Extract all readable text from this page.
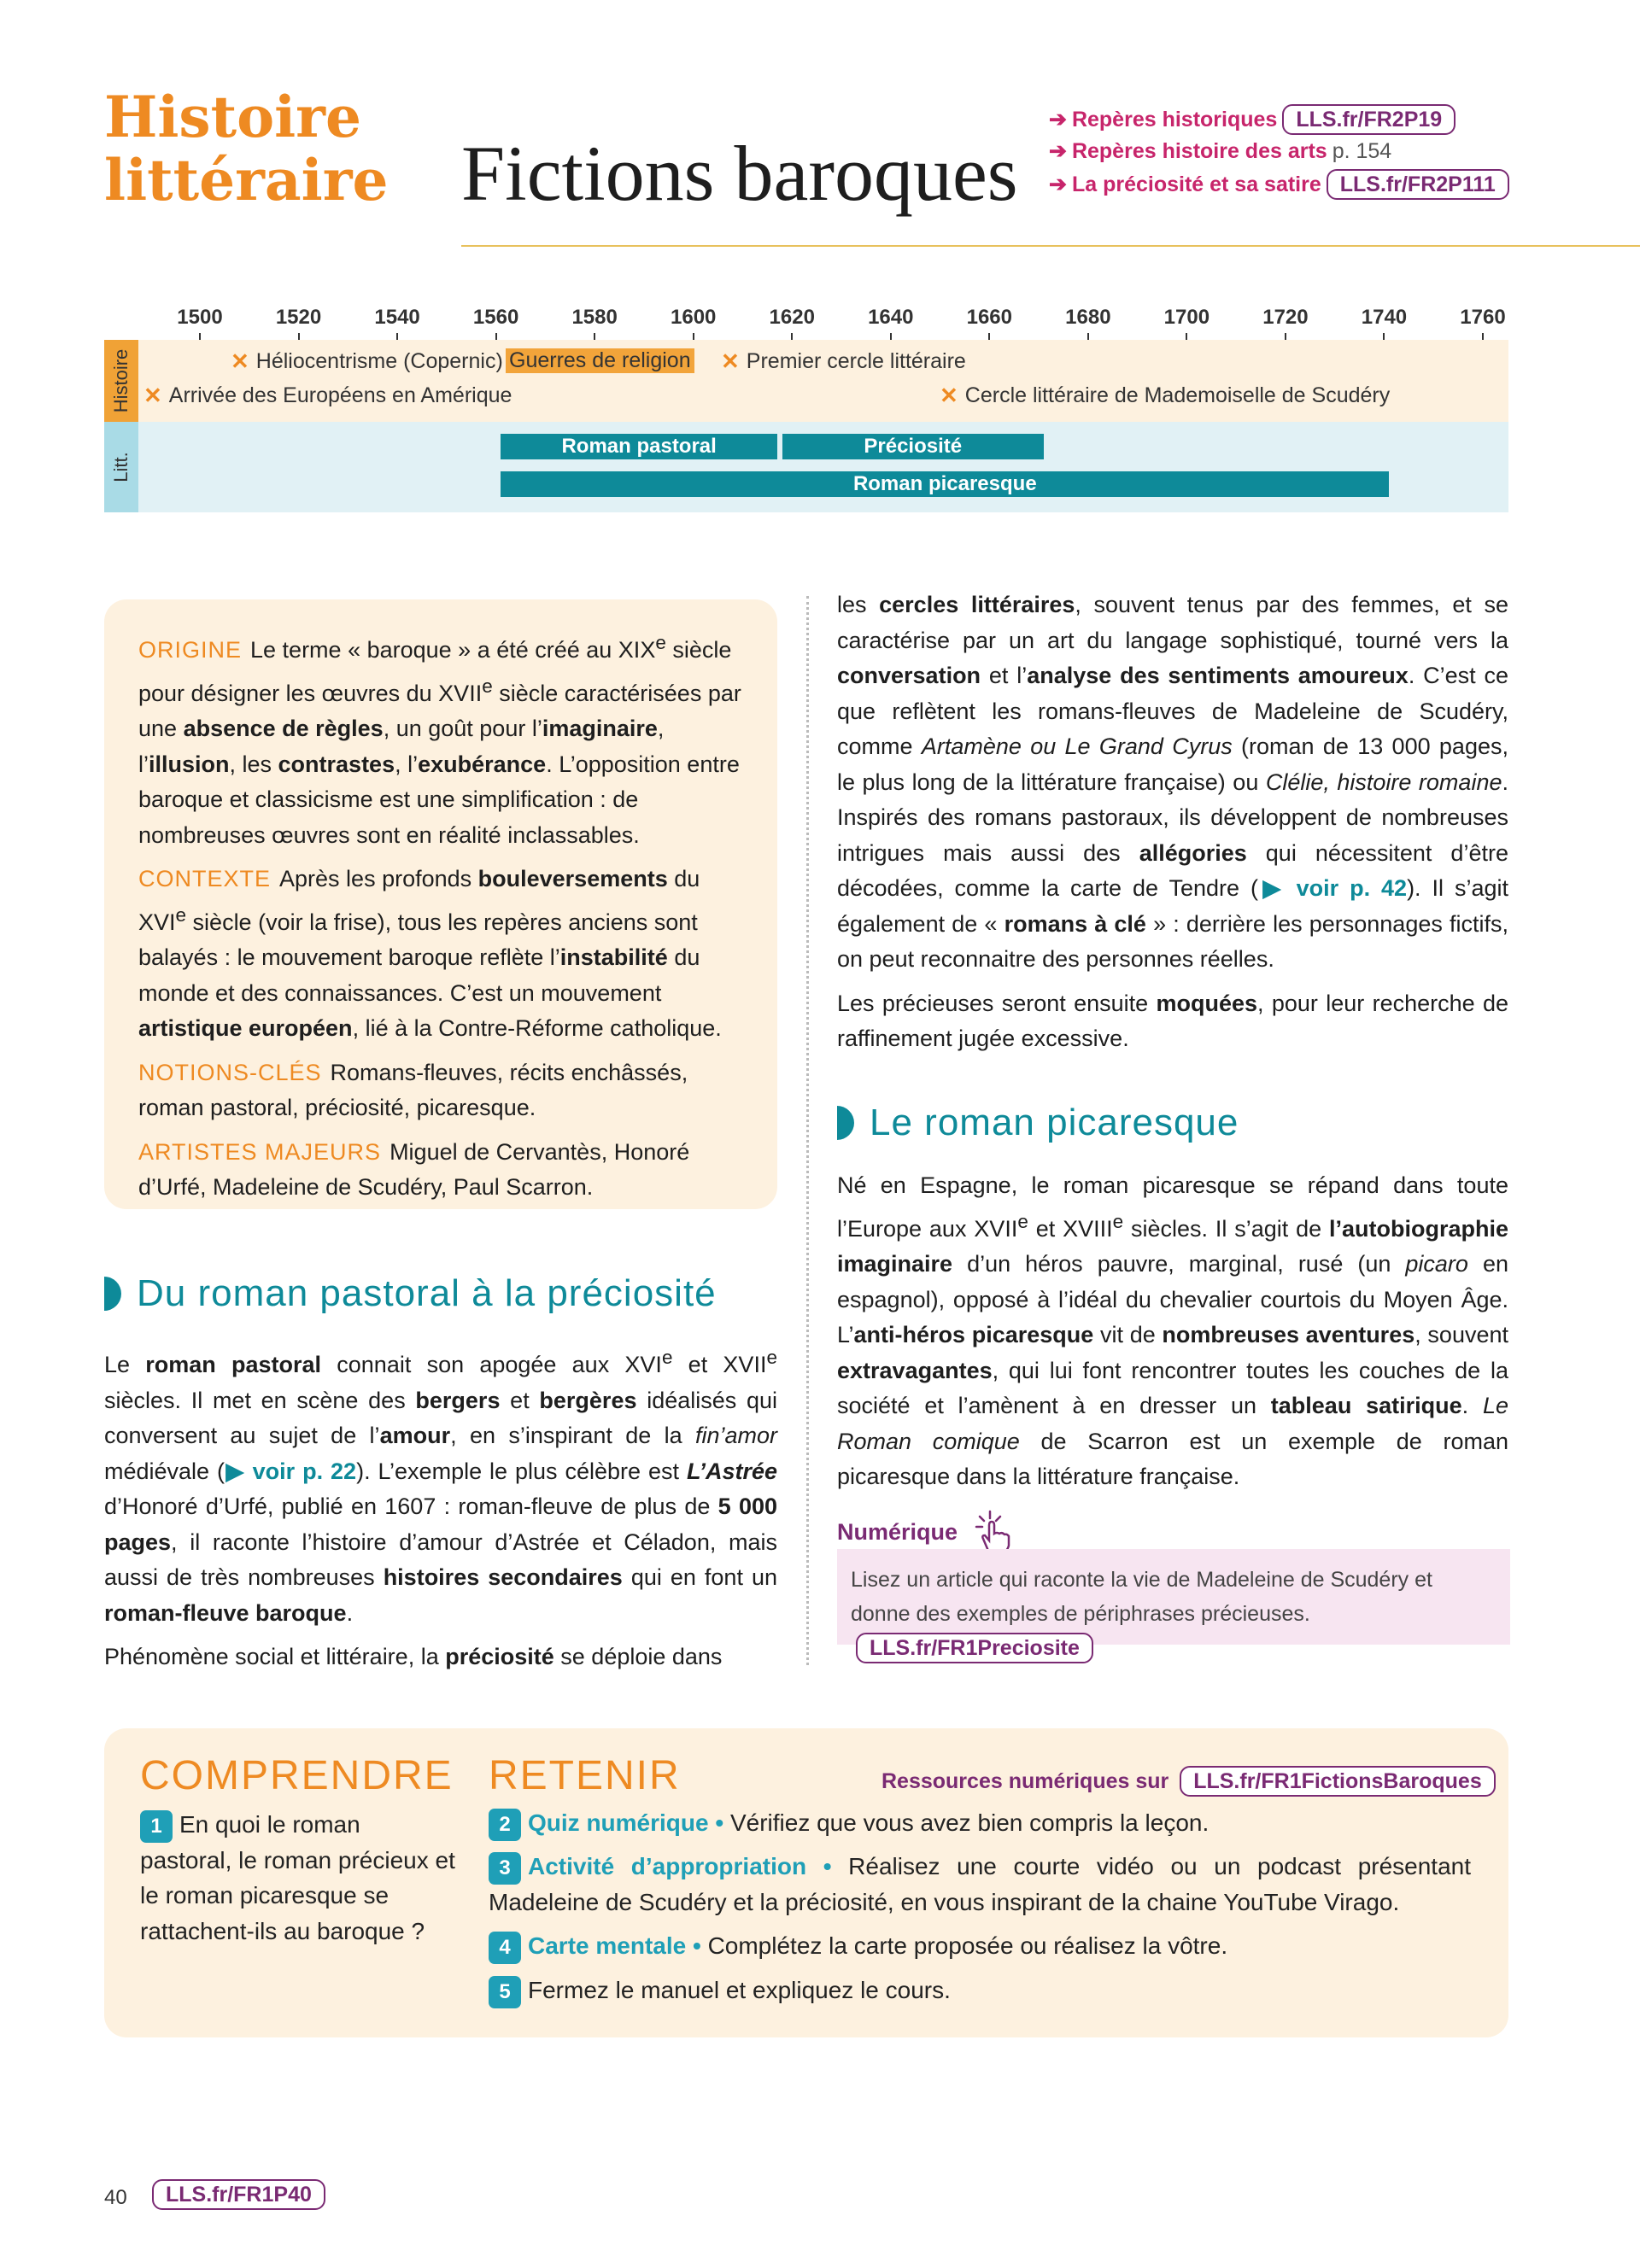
Histoire
littéraire Fictions baroques
➔ Repères historiques LLS.fr/FR2P19
➔ Repères histoire des arts p. 154
➔ La préciosité et sa satire LLS.fr/FR2P111
1500	1520	1540	1560	1580	1600	1620	1640	1660	1680	1700	1720	1740	1760
Histoire	✕ Héliocentrisme (Copernic) Guerres de religion ✕ Premier cercle littéraire
✕ Arrivée des Européens en Amérique	✕ Cercle littéraire de Mademoiselle de Scudéry
Litt.
Roman pastoral	Préciosité
Roman picaresque

ORIGINE Le terme « baroque » a été créé au XIXe siècle pour désigner les œuvres du XVIIe siècle caractérisées par une absence de règles, un goût pour l’imaginaire, l’illusion, les contrastes, l’exubérance. L’opposition entre baroque et classicisme est une simplification : de nombreuses œuvres sont en réalité inclassables.

CONTEXTE Après les profonds bouleversements du XVIe siècle (voir la frise), tous les repères anciens sont balayés : le mouvement baroque reflète l’instabilité du monde et des connaissances. C’est un mouvement artistique européen, lié à la Contre-Réforme catholique.

NOTIONS-CLÉS Romans-fleuves, récits enchâssés, roman pastoral, préciosité, picaresque.

ARTISTES MAJEURS Miguel de Cervantès, Honoré d’Urfé, Madeleine de Scudéry, Paul Scarron.

Du roman pastoral à la préciosité

Le roman pastoral connait son apogée aux XVIe et XVIIe siècles. Il met en scène des bergers et bergères idéalisés qui conversent au sujet de l’amour, en s’inspirant de la fin’amor médiévale (▶ voir p. 22). L’exemple le plus célèbre est L’Astrée d’Honoré d’Urfé, publié en 1607 : roman-fleuve de plus de 5 000 pages, il raconte l’histoire d’amour d’Astrée et Céladon, mais aussi de très nombreuses histoires secondaires qui en font un roman-fleuve baroque.

Phénomène social et littéraire, la préciosité se déploie dans

les cercles littéraires, souvent tenus par des femmes, et se caractérise par un art du langage sophistiqué, tourné vers la conversation et l’analyse des sentiments amoureux. C’est ce que reflètent les romans-fleuves de Madeleine de Scudéry, comme Artamène ou Le Grand Cyrus (roman de 13 000 pages, le plus long de la littérature française) ou Clélie, histoire romaine. Inspirés des romans pastoraux, ils développent de nombreuses intrigues mais aussi des allégories qui nécessitent d’être décodées, comme la carte de Tendre (▶ voir p. 42). Il s’agit également de « romans à clé » : derrière les personnages fictifs, on peut reconnaitre des personnes réelles.

Les précieuses seront ensuite moquées, pour leur recherche de raffinement jugée excessive.

Le roman picaresque

Né en Espagne, le roman picaresque se répand dans toute l’Europe aux XVIIe et XVIIIe siècles. Il s’agit de l’autobiographie imaginaire d’un héros pauvre, marginal, rusé (un picaro en espagnol), opposé à l’idéal du chevalier courtois du Moyen Âge. L’anti-héros picaresque vit de nombreuses aventures, souvent extravagantes, qui lui font rencontrer toutes les couches de la société et l’amènent à en dresser un tableau satirique. Le Roman comique de Scarron est un exemple de roman picaresque dans la littérature française.

Numérique
Lisez un article qui raconte la vie de Madeleine de Scudéry et donne des exemples de périphrases précieuses. LLS.fr/FR1Preciosite
COMPRENDRE RETENIR	Ressources numériques sur LLS.fr/FR1FictionsBaroques
1 En quoi le roman pastoral, le roman précieux et le roman picaresque se rattachent-ils au baroque ?
2 Quiz numérique • Vérifiez que vous avez bien compris la leçon.
3 Activité d’appropriation • Réalisez une courte vidéo ou un podcast présentant Madeleine de Scudéry et la préciosité, en vous inspirant de la chaine YouTube Virago.
4 Carte mentale • Complétez la carte proposée ou réalisez la vôtre.
5 Fermez le manuel et expliquez le cours.
40	LLS.fr/FR1P40
